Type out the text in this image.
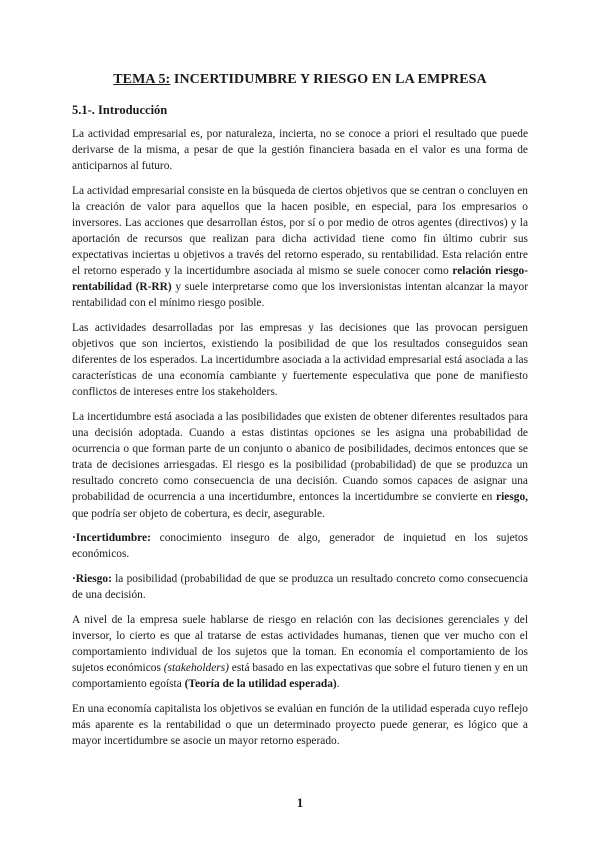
TEMA 5: INCERTIDUMBRE Y RIESGO EN LA EMPRESA
5.1-. Introducción

La actividad empresarial es, por naturaleza, incierta, no se conoce a priori el resultado que puede derivarse de la misma, a pesar de que la gestión financiera basada en el valor es una forma de anticiparnos al futuro.

La actividad empresarial consiste en la búsqueda de ciertos objetivos que se centran o concluyen en la creación de valor para aquellos que la hacen posible, en especial, para los empresarios o inversores. Las acciones que desarrollan éstos, por sí o por medio de otros agentes (directivos) y la aportación de recursos que realizan para dicha actividad tiene como fin último cubrir sus expectativas inciertas u objetivos a través del retorno esperado, su rentabilidad. Esta relación entre el retorno esperado y la incertidumbre asociada al mismo se suele conocer como relación riesgo-rentabilidad (R-RR) y suele interpretarse como que los inversionistas intentan alcanzar la mayor rentabilidad con el mínimo riesgo posible.

Las actividades desarrolladas por las empresas y las decisiones que las provocan persiguen objetivos que son inciertos, existiendo la posibilidad de que los resultados conseguidos sean diferentes de los esperados. La incertidumbre asociada a la actividad empresarial está asociada a las características de una economía cambiante y fuertemente especulativa que pone de manifiesto conflictos de intereses entre los stakeholders.

La incertidumbre está asociada a las posibilidades que existen de obtener diferentes resultados para una decisión adoptada. Cuando a estas distintas opciones se les asigna una probabilidad de ocurrencia o que forman parte de un conjunto o abanico de posibilidades, decimos entonces que se trata de decisiones arriesgadas. El riesgo es la posibilidad (probabilidad) de que se produzca un resultado concreto como consecuencia de una decisión. Cuando somos capaces de asignar una probabilidad de ocurrencia a una incertidumbre, entonces la incertidumbre se convierte en riesgo, que podría ser objeto de cobertura, es decir, asegurable.

·Incertidumbre: conocimiento inseguro de algo, generador de inquietud en los sujetos económicos.

·Riesgo: la posibilidad (probabilidad de que se produzca un resultado concreto como consecuencia de una decisión.

A nivel de la empresa suele hablarse de riesgo en relación con las decisiones gerenciales y del inversor, lo cierto es que al tratarse de estas actividades humanas, tienen que ver mucho con el comportamiento individual de los sujetos que la toman. En economía el comportamiento de los sujetos económicos (stakeholders) está basado en las expectativas que sobre el futuro tienen y en un comportamiento egoísta (Teoría de la utilidad esperada).

En una economía capitalista los objetivos se evalúan en función de la utilidad esperada cuyo reflejo más aparente es la rentabilidad o que un determinado proyecto puede generar, es lógico que a mayor incertidumbre se asocie un mayor retorno esperado.

1
